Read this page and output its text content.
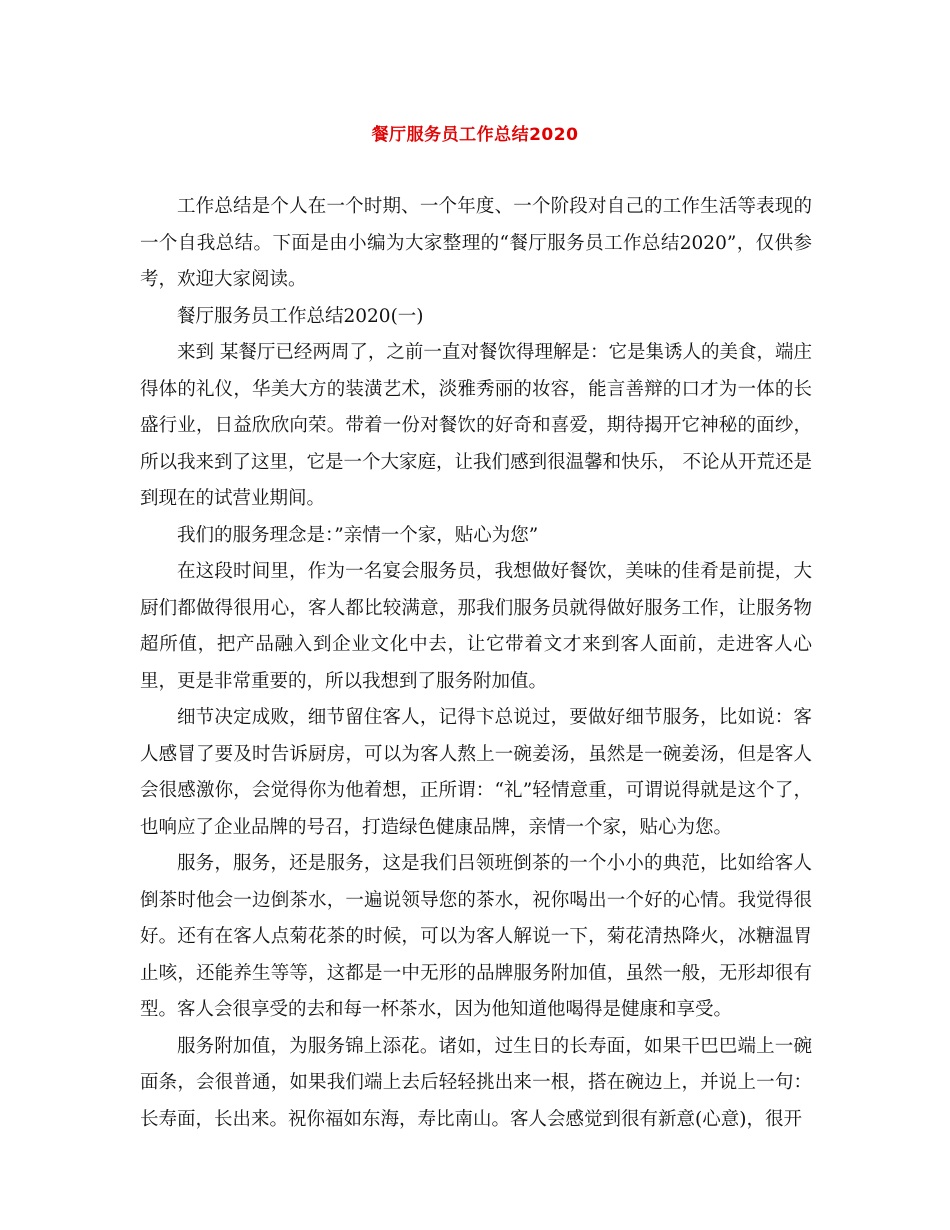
餐厅服务员工作总结2020

工作总结是个人在一个时期、一个年度、一个阶段对自己的工作生活等表现的一个自我总结。下面是由小编为大家整理的“餐厅服务员工作总结2020”，仅供参考，欢迎大家阅读。

餐厅服务员工作总结2020(一)

来到 某餐厅已经两周了，之前一直对餐饮得理解是：它是集诱人的美食，端庄得体的礼仪，华美大方的装潢艺术，淡雅秀丽的妆容，能言善辩的口才为一体的长盛行业，日益欣欣向荣。带着一份对餐饮的好奇和喜爱，期待揭开它神秘的面纱，所以我来到了这里，它是一个大家庭，让我们感到很温馨和快乐， 不论从开荒还是到现在的试营业期间。

我们的服务理念是：”亲情一个家，贴心为您”

在这段时间里，作为一名宴会服务员，我想做好餐饮，美味的佳肴是前提，大厨们都做得很用心，客人都比较满意，那我们服务员就得做好服务工作，让服务物超所值，把产品融入到企业文化中去，让它带着文才来到客人面前，走进客人心里，更是非常重要的，所以我想到了服务附加值。

细节决定成败，细节留住客人，记得卞总说过，要做好细节服务，比如说：客人感冒了要及时告诉厨房，可以为客人熬上一碗姜汤，虽然是一碗姜汤，但是客人会很感激你，会觉得你为他着想，正所谓：“礼”轻情意重，可谓说得就是这个了，也响应了企业品牌的号召，打造绿色健康品牌，亲情一个家，贴心为您。

服务，服务，还是服务，这是我们吕领班倒茶的一个小小的典范，比如给客人倒茶时他会一边倒茶水，一遍说领导您的茶水，祝你喝出一个好的心情。我觉得很好。还有在客人点菊花茶的时候，可以为客人解说一下，菊花清热降火，冰糖温胃止咳，还能养生等等，这都是一中无形的品牌服务附加值，虽然一般，无形却很有型。客人会很享受的去和每一杯茶水，因为他知道他喝得是健康和享受。

服务附加值，为服务锦上添花。诸如，过生日的长寿面，如果干巴巴端上一碗面条，会很普通，如果我们端上去后轻轻挑出来一根，搭在碗边上，并说上一句：长寿面，长出来。祝你福如东海，寿比南山。客人会感觉到很有新意(心意)，很开
